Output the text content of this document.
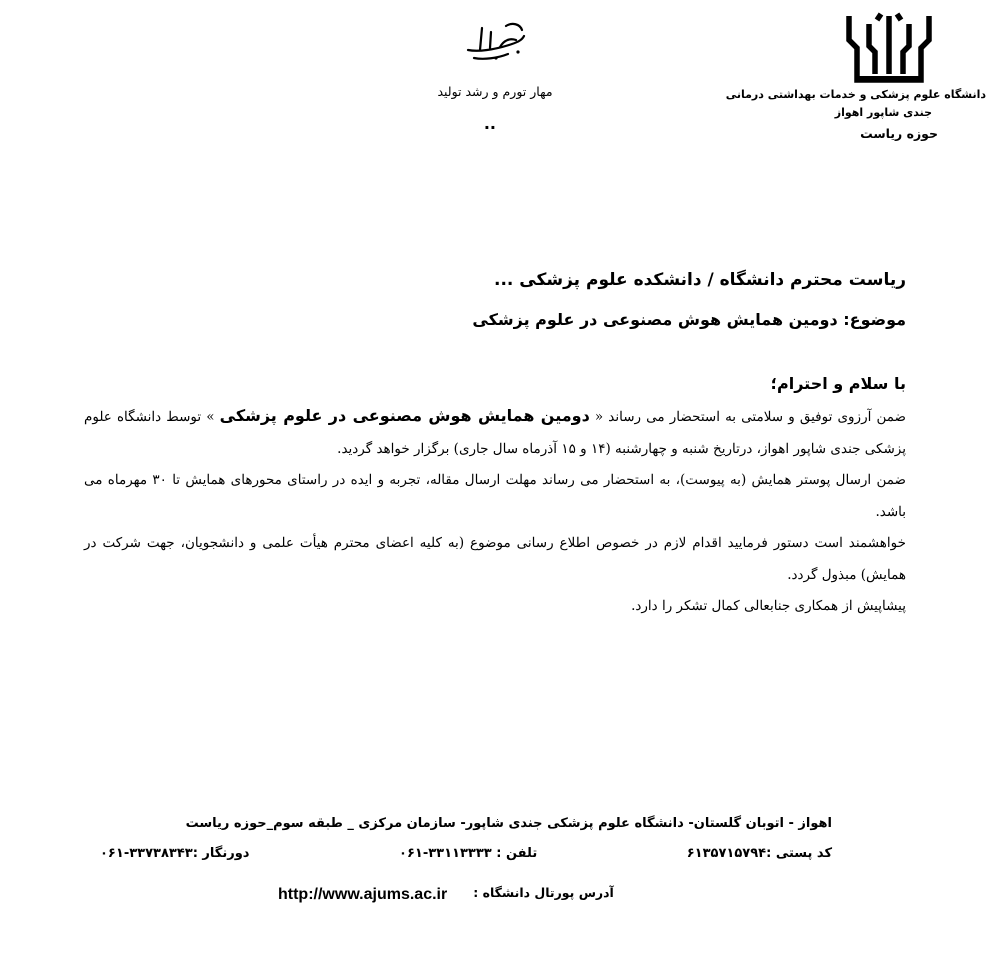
دانشگاه علوم پزشکی و خدمات بهداشتی درمانی
جندی شاپور اهواز
حوزه ریاست
باسمه تعالی
مهار تورم و رشد تولید
..
ریاست محترم دانشگاه / دانشکده علوم پزشکی ...
موضوع: دومین همایش هوش مصنوعی در علوم پزشکی
با سلام و احترام؛
ضمن آرزوی توفیق و سلامتی به استحضار می رساند « دومین همایش هوش مصنوعی در علوم پزشکی » توسط دانشگاه علوم پزشکی جندی شاپور اهواز، درتاریخ شنبه و چهارشنبه (۱۴ و ۱۵ آذرماه سال جاری) برگزار خواهد گردید.
ضمن ارسال پوستر همایش (به پیوست)، به استحضار می رساند مهلت ارسال مقاله، تجربه و ایده در راستای محورهای همایش تا ۳۰ مهرماه می باشد.
خواهشمند است دستور فرمایید اقدام لازم در خصوص اطلاع رسانی موضوع (به کلیه اعضای محترم هیأت علمی و دانشجویان، جهت شرکت در همایش) مبذول گردد.
پیشاپیش از همکاری جنابعالی کمال تشکر را دارد.
اهواز - اتوبان گلستان- دانشگاه علوم پزشکی جندی شاپور- سازمان مرکزی _ طبقه سوم_حوزه ریاست
کد پستی :۶۱۳۵۷۱۵۷۹۴
تلفن : ۳۳۱۱۳۳۳۳-۰۶۱
دورنگار :۳۳۷۳۸۳۴۳-۰۶۱
آدرس پورتال دانشگاه :
http://www.ajums.ac.ir
